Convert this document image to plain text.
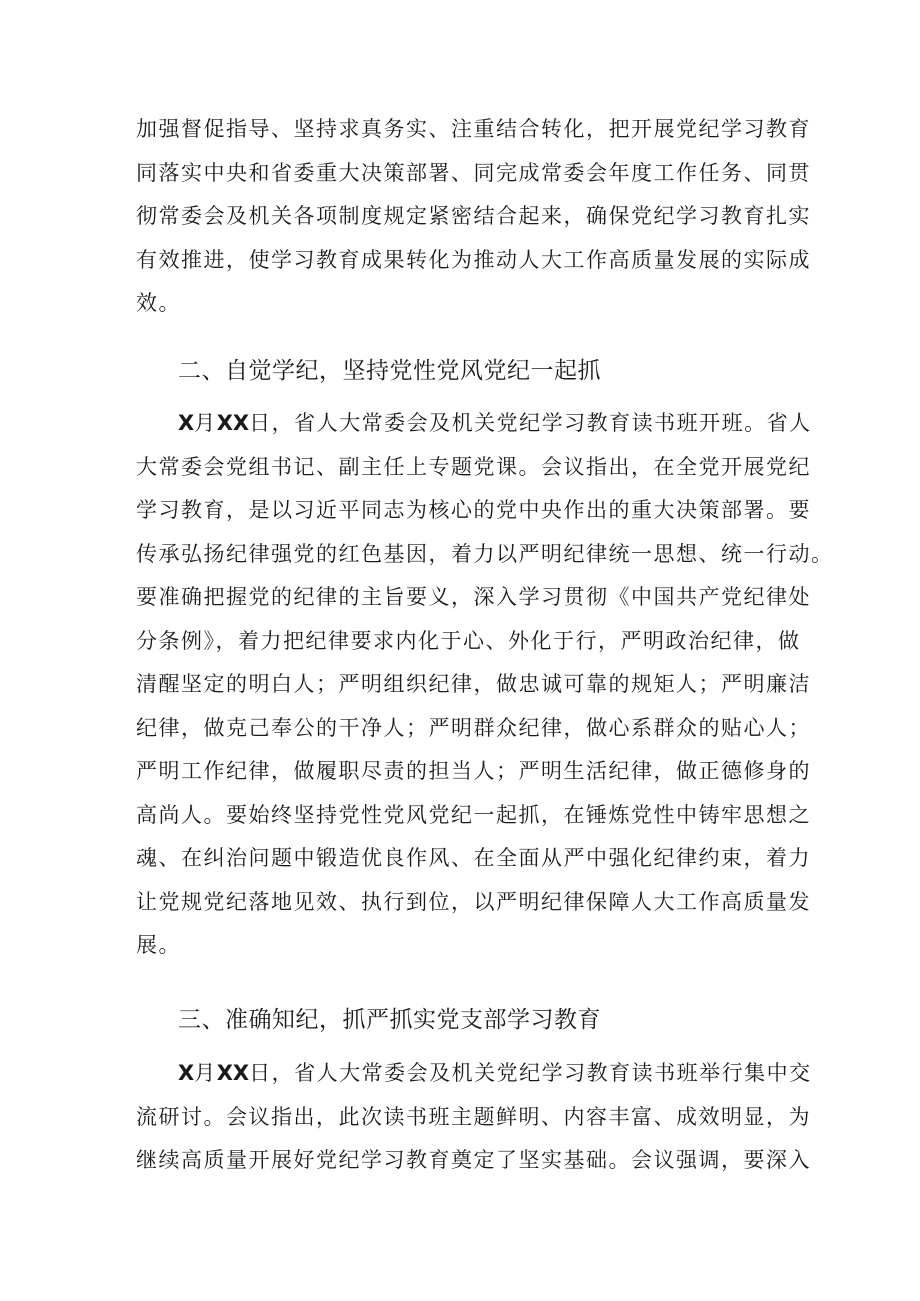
加强督促指导、坚持求真务实、注重结合转化，把开展党纪学习教育
同落实中央和省委重大决策部署、同完成常委会年度工作任务、同贯
彻常委会及机关各项制度规定紧密结合起来，确保党纪学习教育扎实
有效推进，使学习教育成果转化为推动人大工作高质量发展的实际成
效。
二、自觉学纪，坚持党性党风党纪一起抓
X月XX日，省人大常委会及机关党纪学习教育读书班开班。省人
大常委会党组书记、副主任上专题党课。会议指出，在全党开展党纪
学习教育，是以习近平同志为核心的党中央作出的重大决策部署。要
传承弘扬纪律强党的红色基因，着力以严明纪律统一思想、统一行动。
要准确把握党的纪律的主旨要义，深入学习贯彻《中国共产党纪律处
分条例》，着力把纪律要求内化于心、外化于行，严明政治纪律，做
清醒坚定的明白人；严明组织纪律，做忠诚可靠的规矩人；严明廉洁
纪律，做克己奉公的干净人；严明群众纪律，做心系群众的贴心人；
严明工作纪律，做履职尽责的担当人；严明生活纪律，做正德修身的
高尚人。要始终坚持党性党风党纪一起抓，在锤炼党性中铸牢思想之
魂、在纠治问题中锻造优良作风、在全面从严中强化纪律约束，着力
让党规党纪落地见效、执行到位，以严明纪律保障人大工作高质量发
展。
三、准确知纪，抓严抓实党支部学习教育
X月XX日，省人大常委会及机关党纪学习教育读书班举行集中交
流研讨。会议指出，此次读书班主题鲜明、内容丰富、成效明显，为
继续高质量开展好党纪学习教育奠定了坚实基础。会议强调，要深入
